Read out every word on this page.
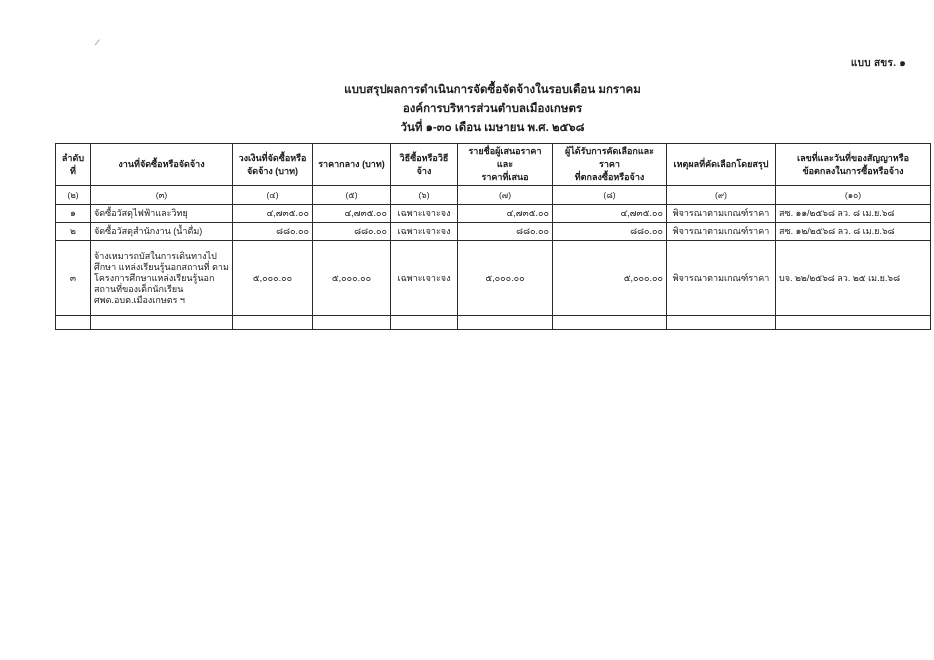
แบบ สขร. ๑
แบบสรุปผลการดำเนินการจัดซื้อจัดจ้างในรอบเดือน มกราคม
องค์การบริหารส่วนตำบลเมืองเกษตร
วันที่ ๑-๓๐ เดือน เมษายน พ.ศ. ๒๕๖๘
ลำดับที่	งานที่จัดซื้อหรือจัดจ้าง	วงเงินที่จัดซื้อหรือ
จัดจ้าง (บาท)	ราคากลาง (บาท)	วิธีซื้อหรือวิธีจ้าง	รายชื่อผู้เสนอราคาและ
ราคาที่เสนอ	ผู้ได้รับการคัดเลือกและราคา
ที่ตกลงซื้อหรือจ้าง	เหตุผลที่คัดเลือกโดยสรุป	เลขที่และวันที่ของสัญญาหรือ
ข้อตกลงในการซื้อหรือจ้าง

(๒)	(๓)	(๔)	(๕)	(๖)	(๗)	(๘)	(๙)	(๑๐)
๑	จัดซื้อวัสดุไฟฟ้าและวิทยุ	๔,๗๓๕.๐๐	๔,๗๓๕.๐๐	เฉพาะเจาะจง	๔,๗๓๕.๐๐	๔,๗๓๕.๐๐	พิจารณาตามเกณฑ์ราคา	สซ. ๑๑/๒๕๖๘ ลว. ๘ เม.ย.๖๘
๒	จัดซื้อวัสดุสำนักงาน (น้ำดื่ม)	๘๘๐.๐๐	๘๘๐.๐๐	เฉพาะเจาะจง	๘๘๐.๐๐	๘๘๐.๐๐	พิจารณาตามเกณฑ์ราคา	สซ. ๑๒/๒๕๖๘ ลว. ๘ เม.ย.๖๘
๓	จ้างเหมารถบัสในการเดินทางไปศึกษา แหล่งเรียนรู้นอกสถานที่ ตามโครงการศึกษาแหล่งเรียนรู้นอกสถานที่ของเด็กนักเรียน ศพด.อบต.เมืองเกษตร ฯ	๕,๐๐๐.๐๐	๕,๐๐๐.๐๐	เฉพาะเจาะจง	๕,๐๐๐.๐๐	๕,๐๐๐.๐๐	พิจารณาตามเกณฑ์ราคา	บจ. ๒๒/๒๕๖๘ ลว. ๒๕ เม.ย.๖๘
